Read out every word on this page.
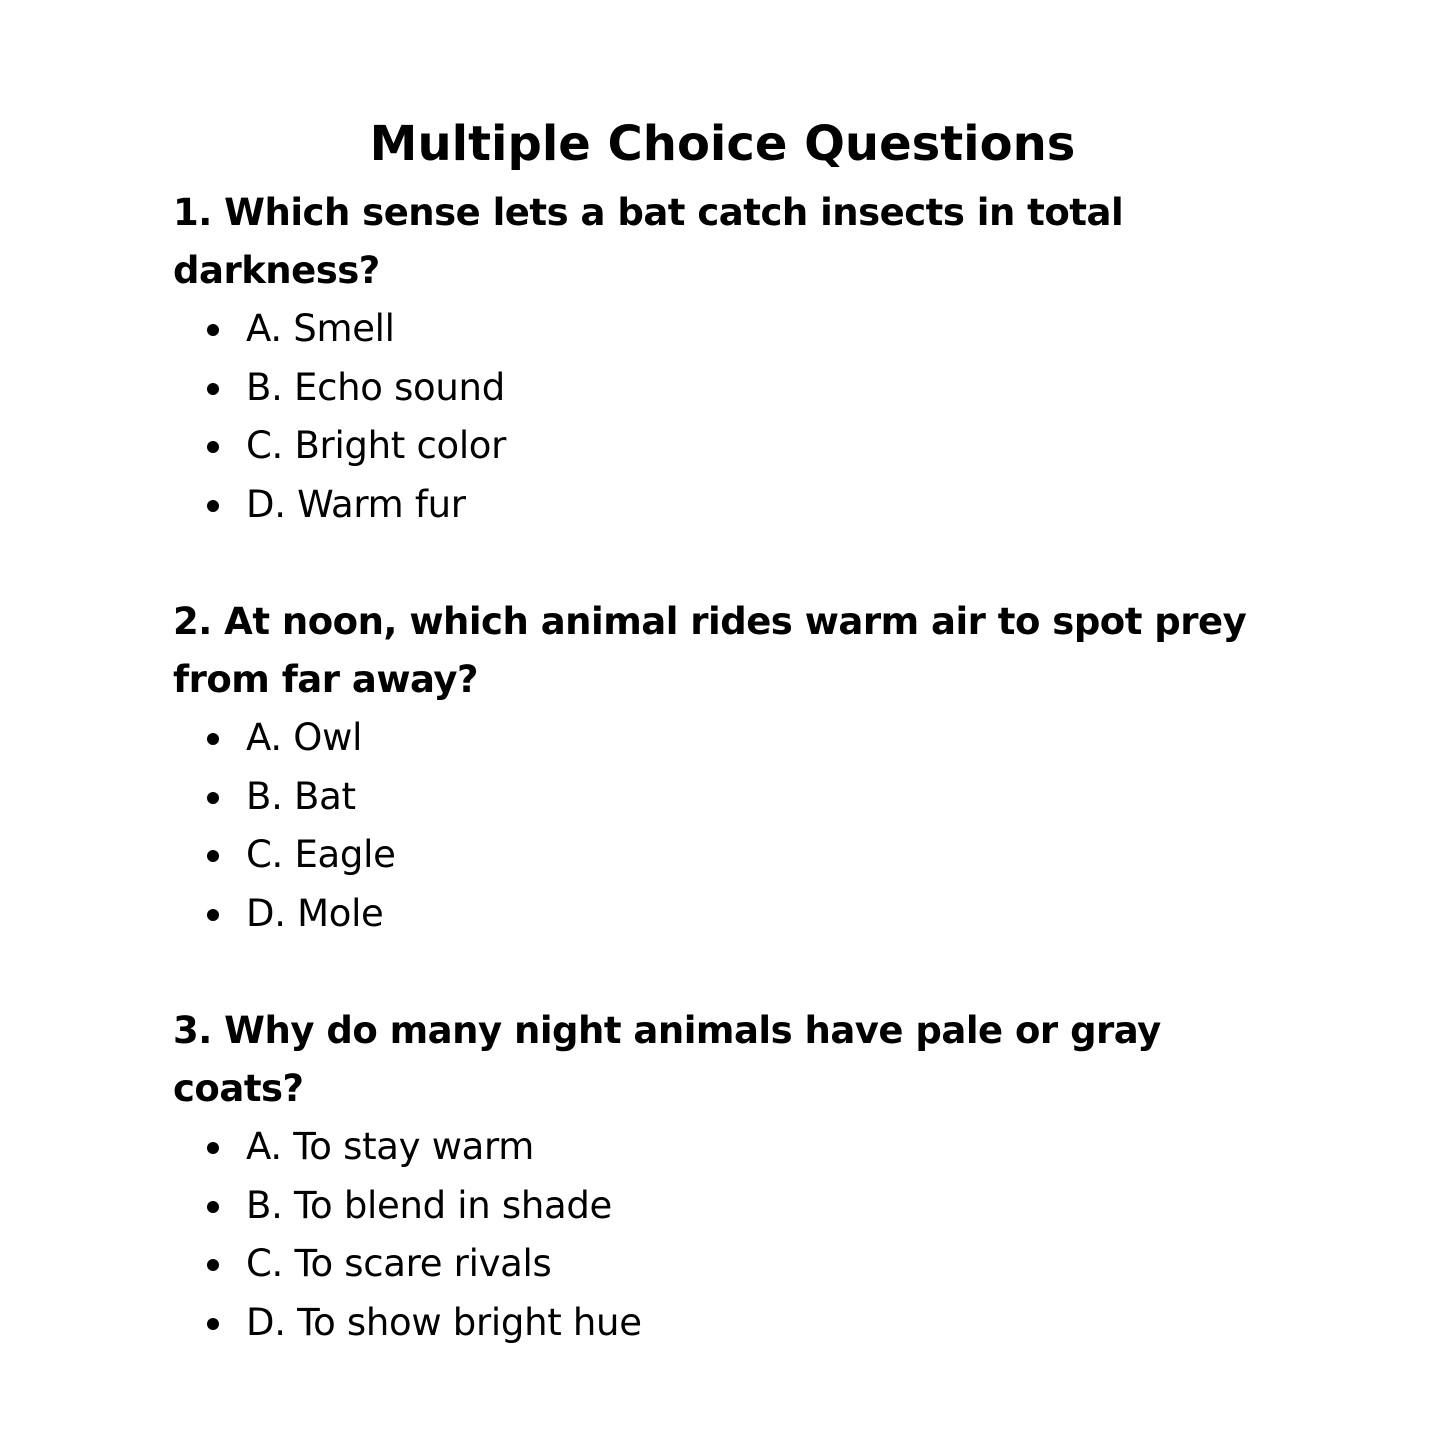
Multiple Choice Questions

1. Which sense lets a bat catch insects in total darkness?

A. Smell
B. Echo sound
C. Bright color
D. Warm fur

2. At noon, which animal rides warm air to spot prey from far away?

A. Owl
B. Bat
C. Eagle
D. Mole

3. Why do many night animals have pale or gray coats?

A. To stay warm
B. To blend in shade
C. To scare rivals
D. To show bright hue
